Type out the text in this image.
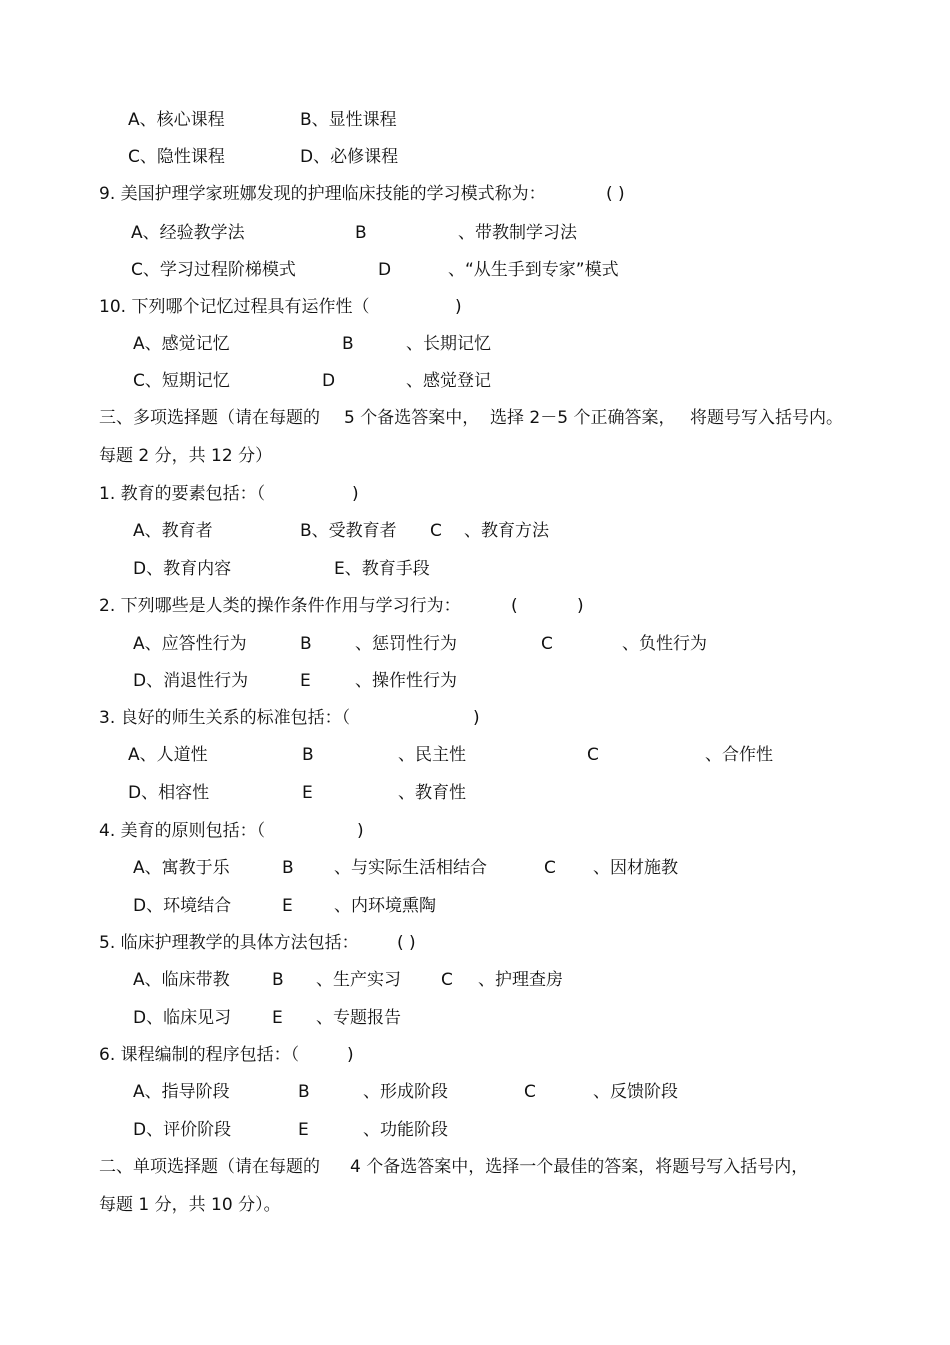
A、核心课程	B、显性课程
C、隐性课程	D、必修课程
9. 美国护理学家班娜发现的护理临床技能的学习模式称为：	( )
A、经验教学法	B	、带教制学习法
C、学习过程阶梯模式	D	、“从生手到专家”模式
10. 下列哪个记忆过程具有运作性（	)
A、感觉记忆	B	、长期记忆
C、短期记忆	D	、感觉登记
三、多项选择题（请在每题的 5 个备选答案中， 选择 2－5 个正确答案， 将题号写入括号内。
每题 2 分，共 12 分）
1. 教育的要素包括：（	)
A、教育者	B、受教育者 C 、教育方法
D、教育内容	E、教育手段
2. 下列哪些是人类的操作条件作用与学习行为：	(	)
A、应答性行为	B	、惩罚性行为	C	、负性行为
D、消退性行为	E	、操作性行为
3. 良好的师生关系的标准包括：（	)
A、人道性	B	、民主性	C	、合作性
D、相容性	E	、教育性
4. 美育的原则包括：（	)
A、寓教于乐	B 、与实际生活相结合	C 、因材施教
D、环境结合	E 、内环境熏陶
5. 临床护理教学的具体方法包括： ( )
A、临床带教 B 、生产实习 C 、护理查房
D、临床见习 E 、专题报告
6. 课程编制的程序包括：（	)
A、指导阶段	B	、形成阶段	C	、反馈阶段
D、评价阶段	E	、功能阶段
二、单项选择题（请在每题的 4 个备选答案中，选择一个最佳的答案，将题号写入括号内，
每题 1 分，共 10 分）。
